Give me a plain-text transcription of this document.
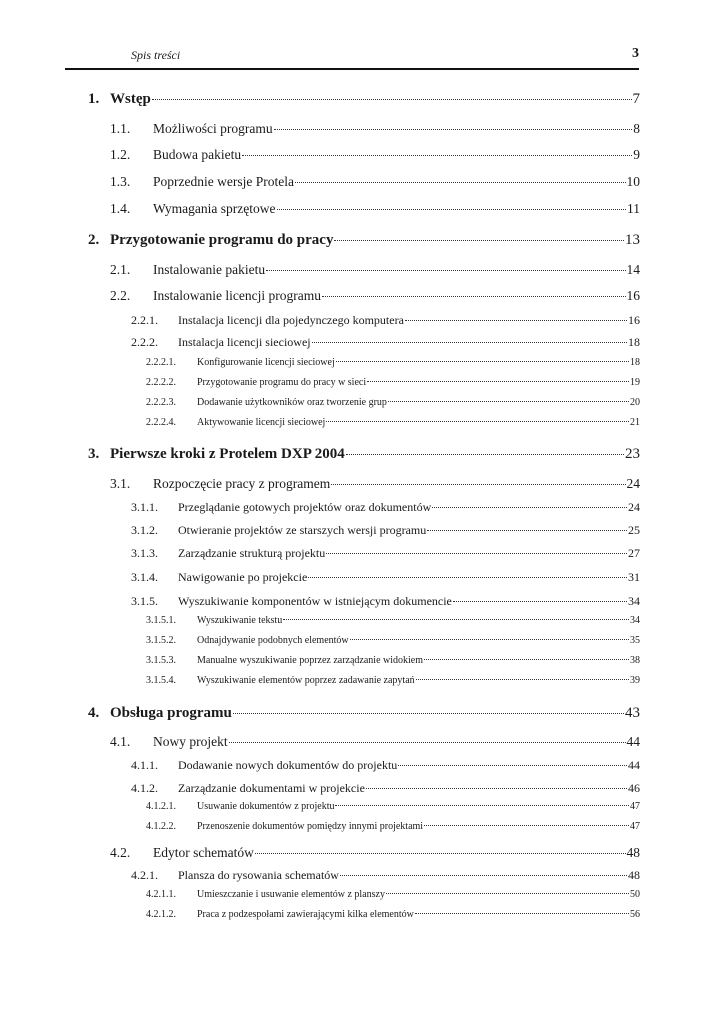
Spis treści	3
1. Wstęp	7
1.1.	Możliwości programu	8
1.2.	Budowa pakietu	9
1.3.	Poprzednie wersje Protela	10
1.4.	Wymagania sprzętowe	11
2. Przygotowanie programu do pracy	13
2.1.	Instalowanie pakietu	14
2.2.	Instalowanie licencji programu	16
2.2.1.	Instalacja licencji dla pojedynczego komputera	16
2.2.2.	Instalacja licencji sieciowej	18
2.2.2.1.	Konfigurowanie licencji sieciowej	18
2.2.2.2.	Przygotowanie programu do pracy w sieci	19
2.2.2.3.	Dodawanie użytkowników oraz tworzenie grup	20
2.2.2.4.	Aktywowanie licencji sieciowej	21
3. Pierwsze kroki z Protelem DXP 2004	23
3.1.	Rozpoczęcie pracy z programem	24
3.1.1.	Przeglądanie gotowych projektów oraz dokumentów	24
3.1.2.	Otwieranie projektów ze starszych wersji programu	25
3.1.3.	Zarządzanie strukturą projektu	27
3.1.4.	Nawigowanie po projekcie	31
3.1.5.	Wyszukiwanie komponentów w istniejącym dokumencie	34
3.1.5.1.	Wyszukiwanie tekstu	34
3.1.5.2.	Odnajdywanie podobnych elementów	35
3.1.5.3.	Manualne wyszukiwanie poprzez zarządzanie widokiem	38
3.1.5.4.	Wyszukiwanie elementów poprzez zadawanie zapytań	39
4. Obsługa programu	43
4.1.	Nowy projekt	44
4.1.1.	Dodawanie nowych dokumentów do projektu	44
4.1.2.	Zarządzanie dokumentami w projekcie	46
4.1.2.1.	Usuwanie dokumentów z projektu	47
4.1.2.2.	Przenoszenie dokumentów pomiędzy innymi projektami	47
4.2.	Edytor schematów	48
4.2.1.	Plansza do rysowania schematów	48
4.2.1.1.	Umieszczanie i usuwanie elementów z planszy	50
4.2.1.2.	Praca z podzespołami zawierającymi kilka elementów	56
